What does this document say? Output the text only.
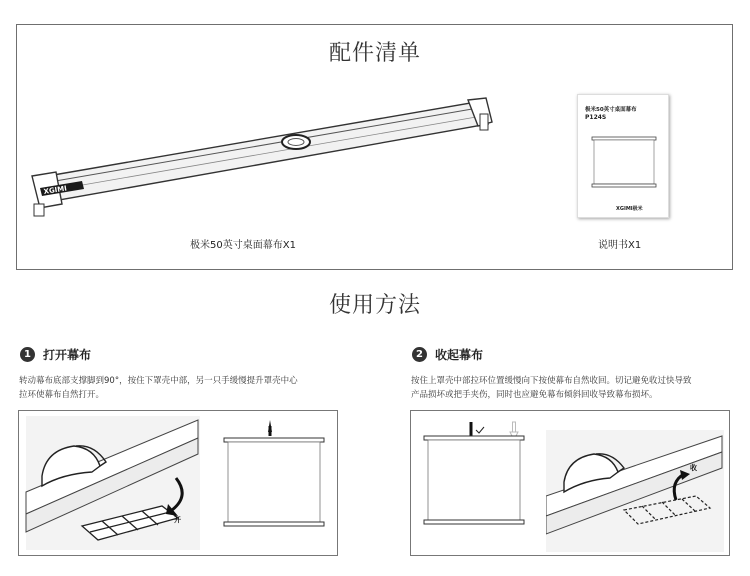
配件清单
XGIMI
极米50英寸桌面幕布X1
极米50英寸桌面幕布
P124S
XGIMI极米
说明书X1
使用方法
1	打开幕布
转动幕布底部支撑脚到90°，按住下罩壳中部，另一只手缓慢提升罩壳中心
拉环使幕布自然打开。
开
2	收起幕布
按住上罩壳中部拉环位置缓慢向下按使幕布自然收回。切记避免收过快导致
产品损坏或把手夹伤，同时也应避免幕布倾斜回收导致幕布损坏。
收
